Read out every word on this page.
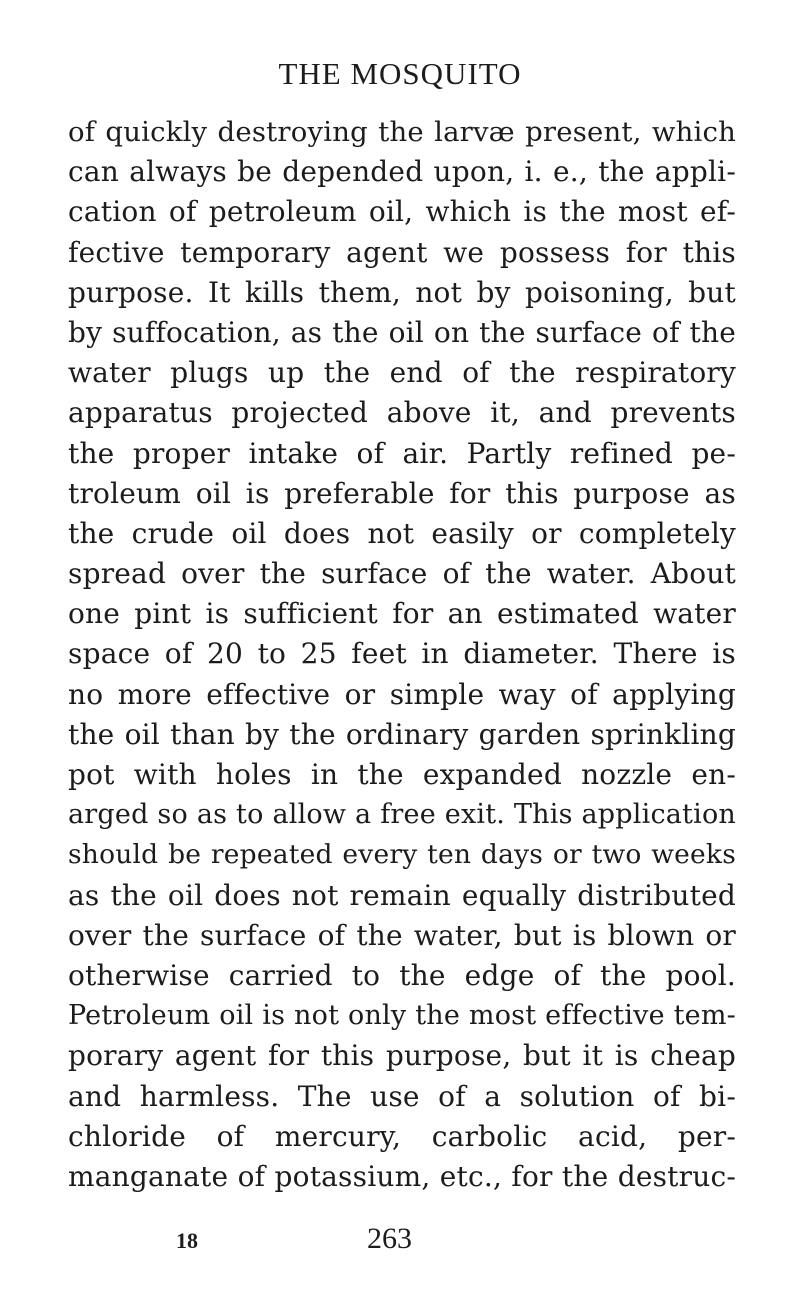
THE MOSQUITO
of quickly destroying the larvæ present, which
can always be depended upon, i. e., the appli-
cation of petroleum oil, which is the most ef-
fective temporary agent we possess for this
purpose. It kills them, not by poisoning, but
by suffocation, as the oil on the surface of the
water plugs up the end of the respiratory
apparatus projected above it, and prevents
the proper intake of air. Partly refined pe-
troleum oil is preferable for this purpose as
the crude oil does not easily or completely
spread over the surface of the water. About
one pint is sufficient for an estimated water
space of 20 to 25 feet in diameter. There is
no more effective or simple way of applying
the oil than by the ordinary garden sprinkling
pot with holes in the expanded nozzle en-
arged so as to allow a free exit. This application
should be repeated every ten days or two weeks
as the oil does not remain equally distributed
over the surface of the water, but is blown or
otherwise carried to the edge of the pool.
Petroleum oil is not only the most effective tem-
porary agent for this purpose, but it is cheap
and harmless. The use of a solution of bi-
chloride of mercury, carbolic acid, per-
manganate of potassium, etc., for the destruc-
18	263
